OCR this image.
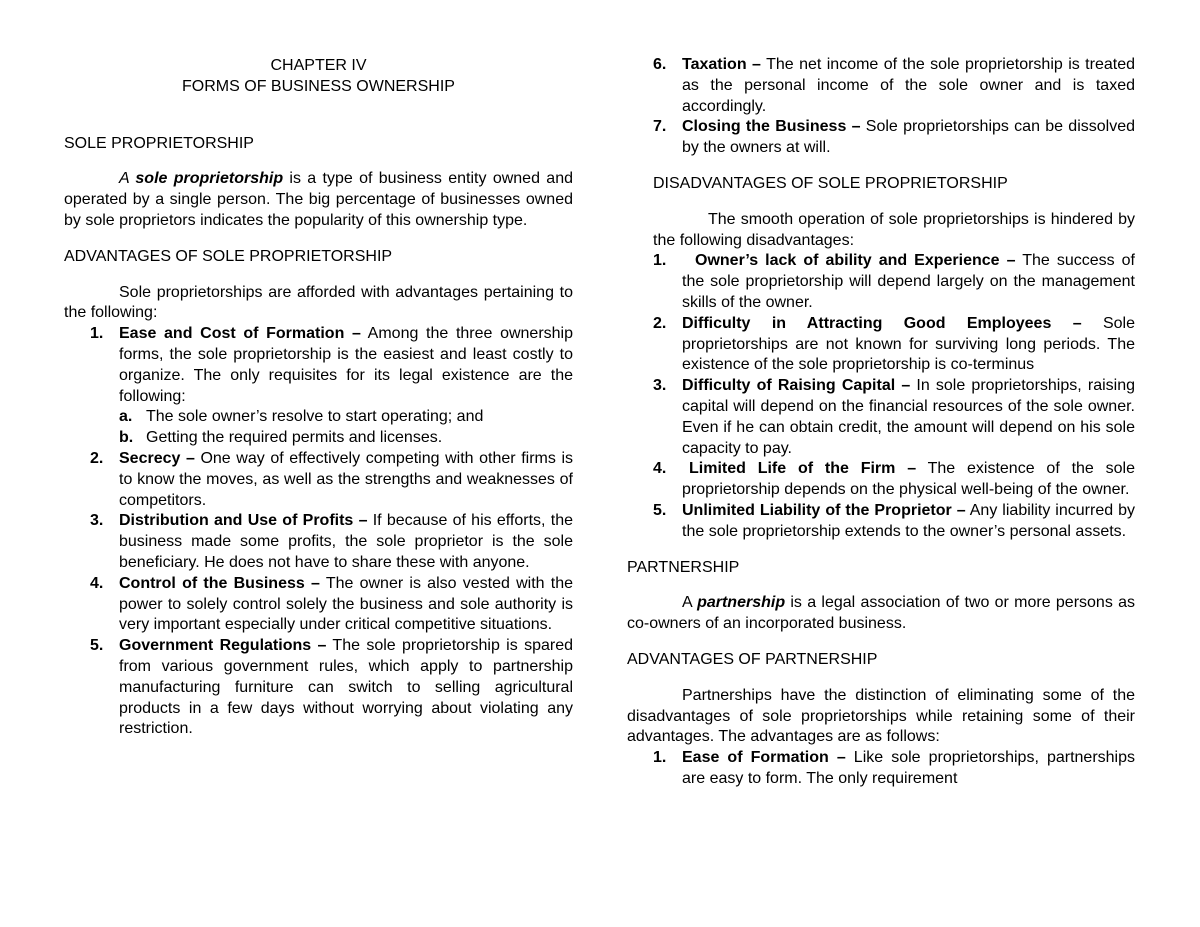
CHAPTER IV

FORMS OF BUSINESS OWNERSHIP

SOLE PROPRIETORSHIP

A sole proprietorship is a type of business entity owned and operated by a single person. The big percentage of businesses owned by sole proprietors indicates the popularity of this ownership type.

ADVANTAGES OF SOLE PROPRIETORSHIP

Sole proprietorships are afforded with advantages pertaining to the following:

1. Ease and Cost of Formation – Among the three ownership forms, the sole proprietorship is the easiest and least costly to organize. The only requisites for its legal existence are the following:
a. The sole owner’s resolve to start operating; and
b. Getting the required permits and licenses.
2. Secrecy – One way of effectively competing with other firms is to know the moves, as well as the strengths and weaknesses of competitors.
3. Distribution and Use of Profits – If because of his efforts, the business made some profits, the sole proprietor is the sole beneficiary. He does not have to share these with anyone.
4. Control of the Business – The owner is also vested with the power to solely control solely the business and sole authority is very important especially under critical competitive situations.
5. Government Regulations – The sole proprietorship is spared from various government rules, which apply to partnership manufacturing furniture can switch to selling agricultural products in a few days without worrying about violating any restriction.
6. Taxation – The net income of the sole proprietorship is treated as the personal income of the sole owner and is taxed accordingly.
7. Closing the Business – Sole proprietorships can be dissolved by the owners at will.

DISADVANTAGES OF SOLE PROPRIETORSHIP

The smooth operation of sole proprietorships is hindered by the following disadvantages:

1. Owner’s lack of ability and Experience – The success of the sole proprietorship will depend largely on the management skills of the owner.
2. Difficulty in Attracting Good Employees – Sole proprietorships are not known for surviving long periods. The existence of the sole proprietorship is co-terminus
3. Difficulty of Raising Capital – In sole proprietorships, raising capital will depend on the financial resources of the sole owner. Even if he can obtain credit, the amount will depend on his sole capacity to pay.
4. Limited Life of the Firm – The existence of the sole proprietorship depends on the physical well-being of the owner.
5. Unlimited Liability of the Proprietor – Any liability incurred by the sole proprietorship extends to the owner’s personal assets.

PARTNERSHIP

A partnership is a legal association of two or more persons as co-owners of an incorporated business.

ADVANTAGES OF PARTNERSHIP

Partnerships have the distinction of eliminating some of the disadvantages of sole proprietorships while retaining some of their advantages. The advantages are as follows:

1. Ease of Formation – Like sole proprietorships, partnerships are easy to form. The only requirement
